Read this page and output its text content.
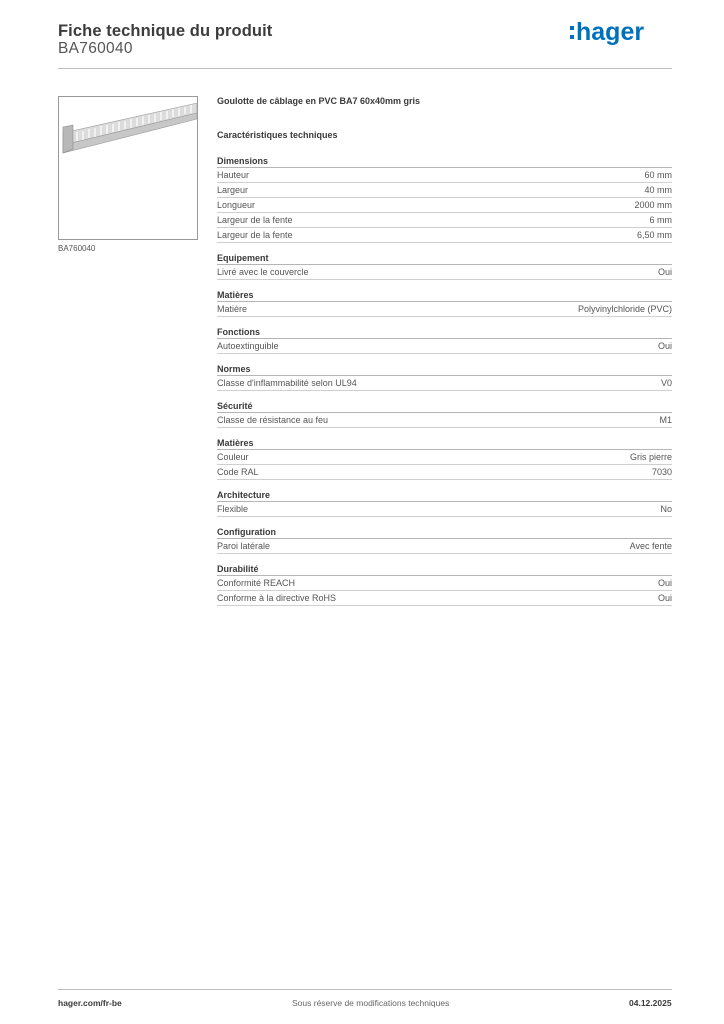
Fiche technique du produit
BA760040
hager
BA760040
Goulotte de câblage en PVC BA7 60x40mm gris
Caractéristiques techniques
Dimensions
Hauteur	60 mm
Largeur	40 mm
Longueur	2000 mm
Largeur de la fente	6 mm
Largeur de la fente	6,50 mm
Equipement
Livré avec le couvercle	Oui
Matières
Matière	Polyvinylchloride (PVC)
Fonctions
Autoextinguible	Oui
Normes
Classe d'inflammabilité selon UL94	V0
Sécurité
Classe de résistance au feu	M1
Matières
Couleur	Gris pierre
Code RAL	7030
Architecture
Flexible	No
Configuration
Paroi latérale	Avec fente
Durabilité
Conformité REACH	Oui
Conforme à la directive RoHS	Oui
hager.com/fr-be	Sous réserve de modifications techniques	04.12.2025
